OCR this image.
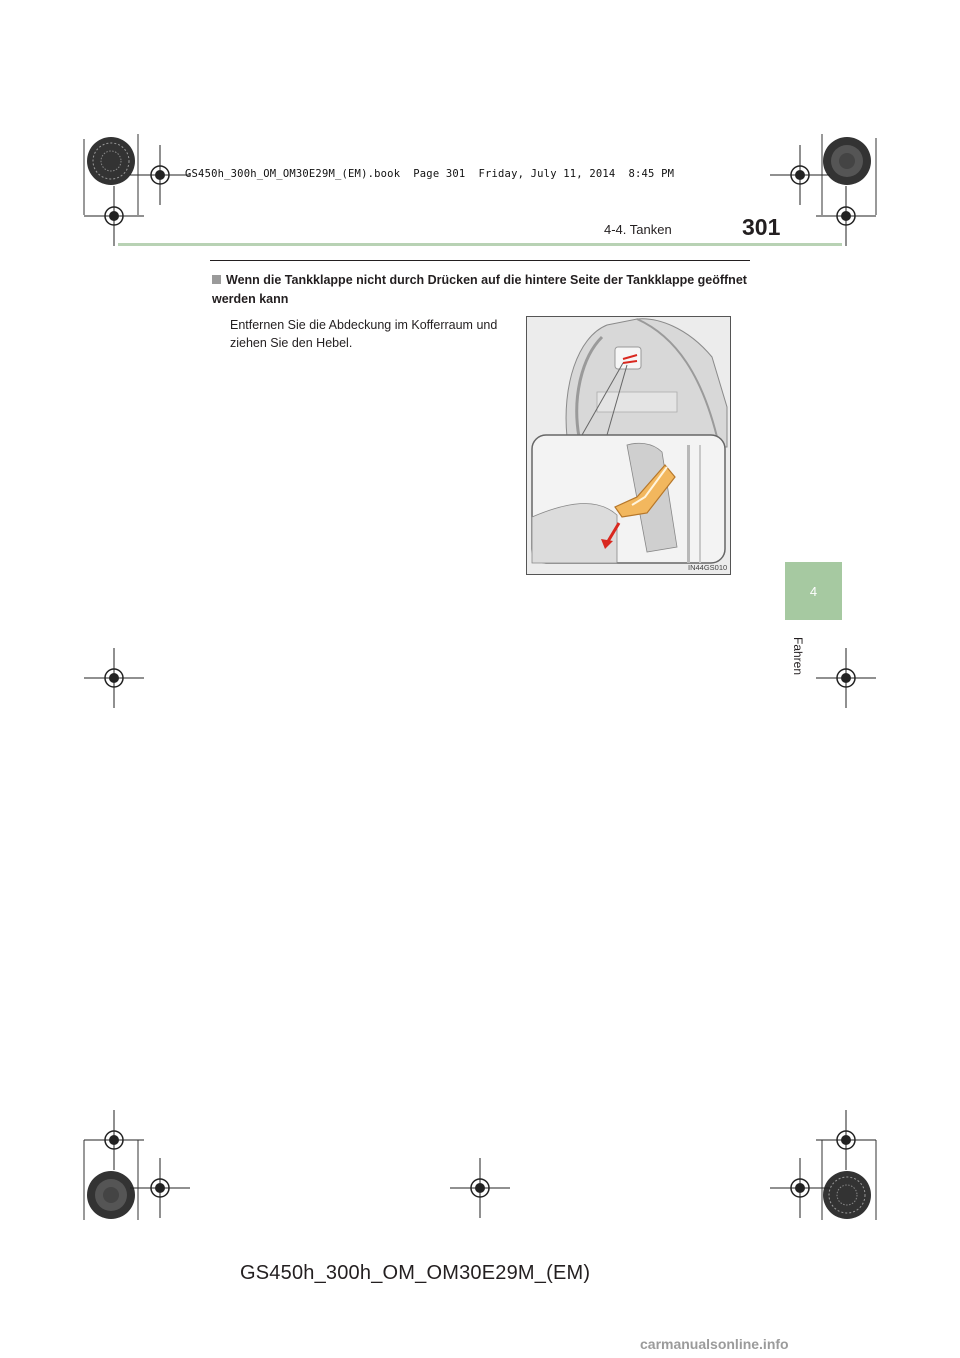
GS450h_300h_OM_OM30E29M_(EM).book  Page 301  Friday, July 11, 2014  8:45 PM
4-4. Tanken	301
4
Fahren
Wenn die Tankklappe nicht durch Drücken auf die hintere Seite der Tankklappe geöffnet werden kann
Entfernen Sie die Abdeckung im Kofferraum und ziehen Sie den Hebel.
IN44GS010
GS450h_300h_OM_OM30E29M_(EM)
carmanualsonline.info
